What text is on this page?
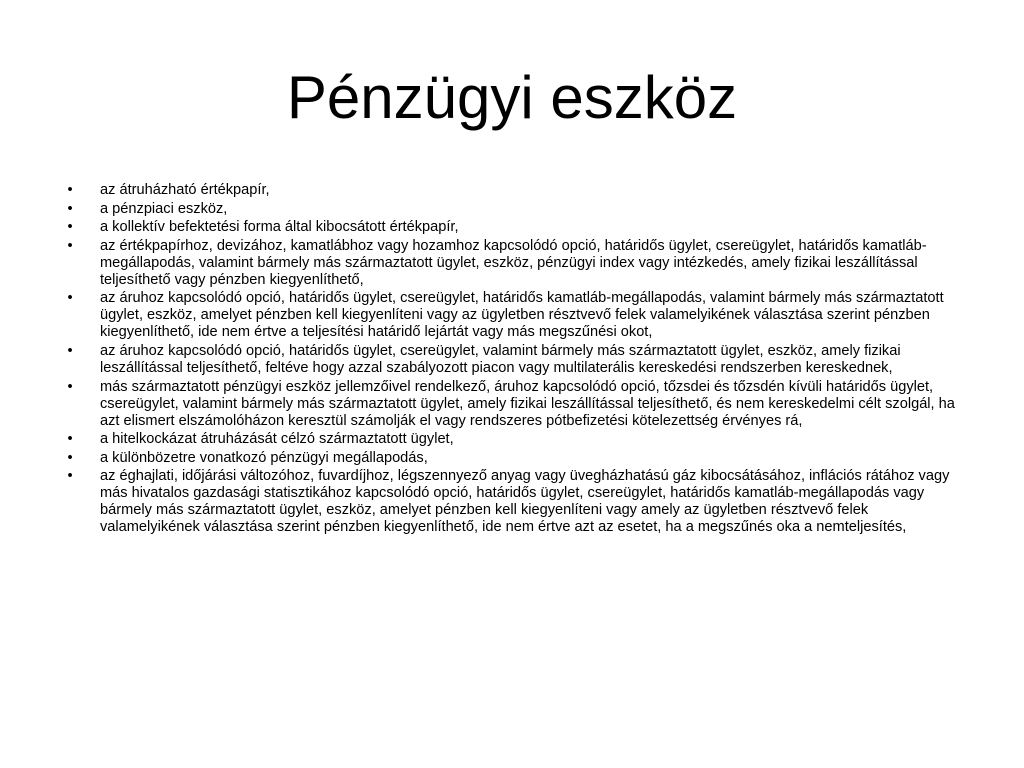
Pénzügyi eszköz
•	az átruházható értékpapír,
•	a pénzpiaci eszköz,
•	a kollektív befektetési forma által kibocsátott értékpapír,
•	az értékpapírhoz, devizához, kamatlábhoz vagy hozamhoz kapcsolódó opció, határidős ügylet, csereügylet, határidős kamatláb-megállapodás, valamint bármely más származtatott ügylet, eszköz, pénzügyi index vagy intézkedés, amely fizikai leszállítással teljesíthető vagy pénzben kiegyenlíthető,
•	az áruhoz kapcsolódó opció, határidős ügylet, csereügylet, határidős kamatláb-megállapodás, valamint bármely más származtatott ügylet, eszköz, amelyet pénzben kell kiegyenlíteni vagy az ügyletben résztvevő felek valamelyikének választása szerint pénzben kiegyenlíthető, ide nem értve a teljesítési határidő lejártát vagy más megszűnési okot,
•	az áruhoz kapcsolódó opció, határidős ügylet, csereügylet, valamint bármely más származtatott ügylet, eszköz, amely fizikai leszállítással teljesíthető, feltéve hogy azzal szabályozott piacon vagy multilaterális kereskedési rendszerben kereskednek,
•	más származtatott pénzügyi eszköz jellemzőivel rendelkező, áruhoz kapcsolódó opció, tőzsdei és tőzsdén kívüli határidős ügylet, csereügylet, valamint bármely más származtatott ügylet, amely fizikai leszállítással teljesíthető, és nem kereskedelmi célt szolgál, ha azt elismert elszámolóházon keresztül számolják el vagy rendszeres pótbefizetési kötelezettség érvényes rá,
•	a hitelkockázat átruházását célzó származtatott ügylet,
•	a különbözetre vonatkozó pénzügyi megállapodás,
•	az éghajlati, időjárási változóhoz, fuvardíjhoz, légszennyező anyag vagy üvegházhatású gáz kibocsátásához, inflációs rátához vagy más hivatalos gazdasági statisztikához kapcsolódó opció, határidős ügylet, csereügylet, határidős kamatláb-megállapodás vagy bármely más származtatott ügylet, eszköz, amelyet pénzben kell kiegyenlíteni vagy amely az ügyletben résztvevő felek valamelyikének választása szerint pénzben kiegyenlíthető, ide nem értve azt az esetet, ha a megszűnés oka a nemteljesítés,
